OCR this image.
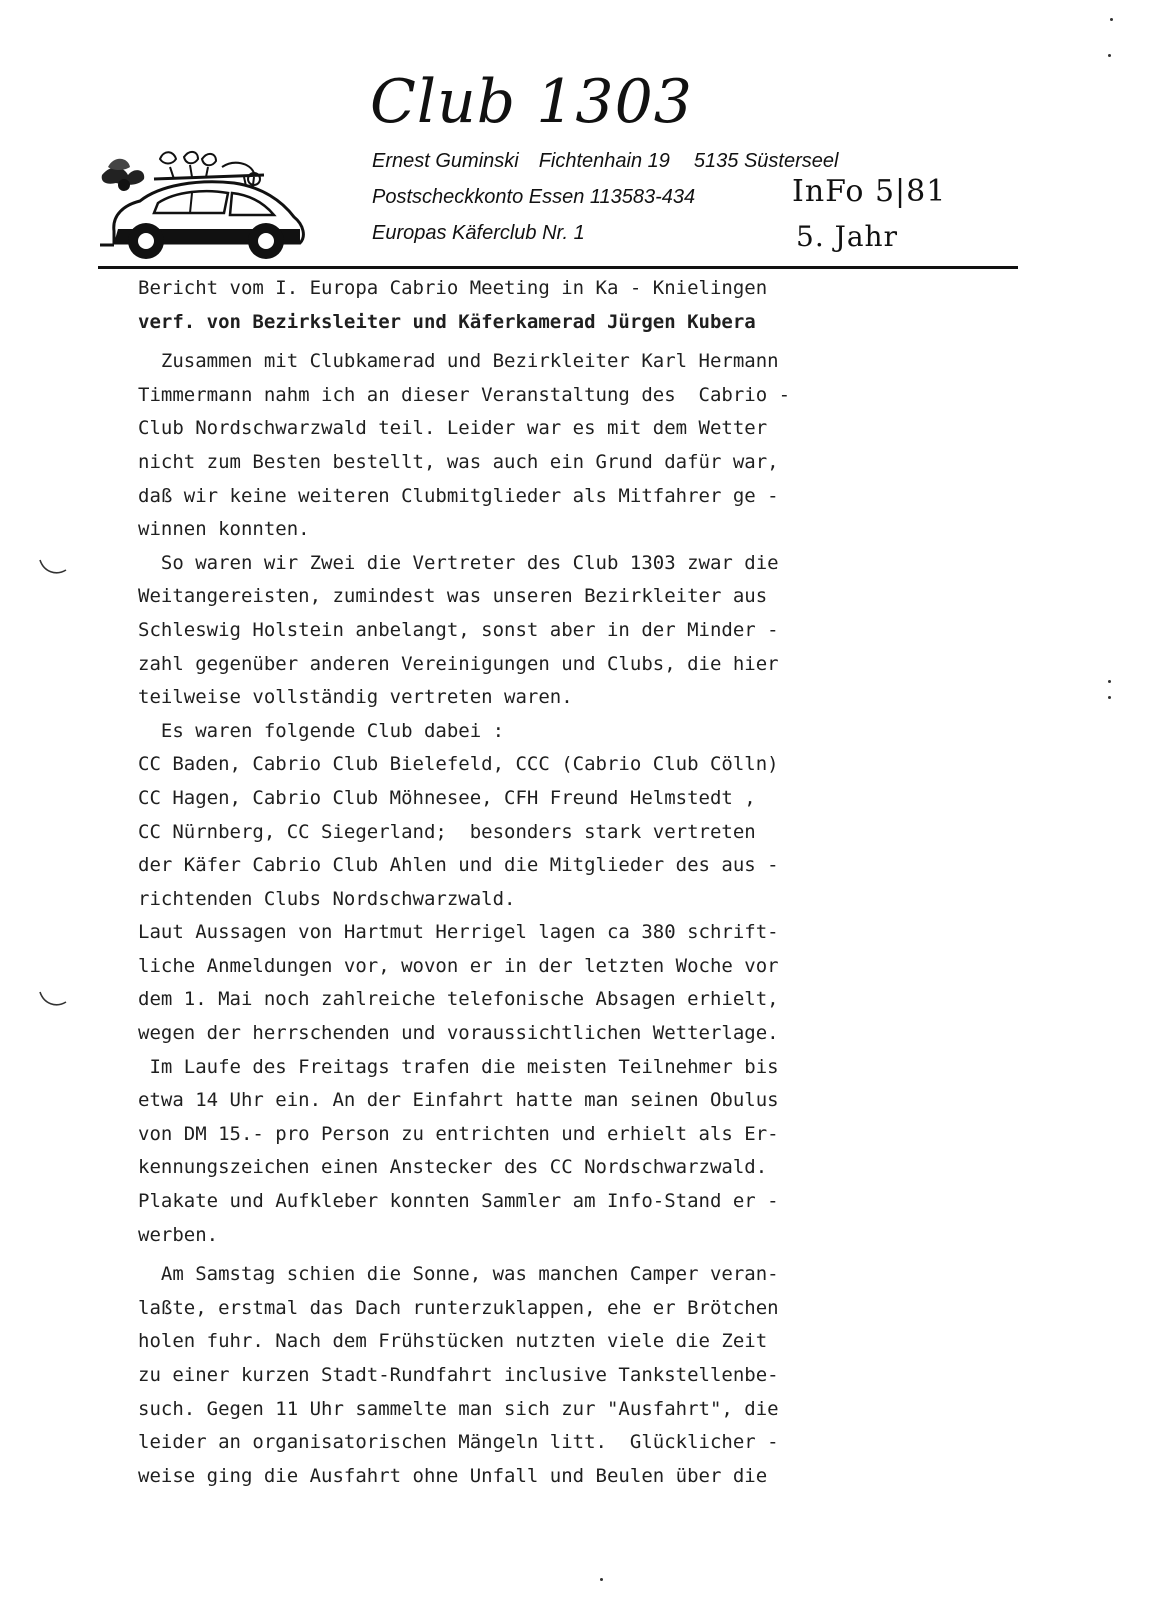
Club 1303
Ernest Guminski Fichtenhain 19 5135 Süsterseel
Postscheckkonto Essen 113583-434
Europas Käferclub Nr. 1
InFo 5|81
5. Jahr
Bericht vom I. Europa Cabrio Meeting in Ka - Knielingen
verf. von Bezirksleiter und Käferkamerad Jürgen Kubera
Zusammen mit Clubkamerad und Bezirkleiter Karl Hermann
Timmermann nahm ich an dieser Veranstaltung des  Cabrio -
Club Nordschwarzwald teil. Leider war es mit dem Wetter
nicht zum Besten bestellt, was auch ein Grund dafür war,
daß wir keine weiteren Clubmitglieder als Mitfahrer ge -
winnen konnten.
So waren wir Zwei die Vertreter des Club 1303 zwar die
Weitangereisten, zumindest was unseren Bezirkleiter aus
Schleswig Holstein anbelangt, sonst aber in der Minder -
zahl gegenüber anderen Vereinigungen und Clubs, die hier
teilweise vollständig vertreten waren.
Es waren folgende Club dabei :
CC Baden, Cabrio Club Bielefeld, CCC (Cabrio Club Cölln)
CC Hagen, Cabrio Club Möhnesee, CFH Freund Helmstedt ,
CC Nürnberg, CC Siegerland;  besonders stark vertreten
der Käfer Cabrio Club Ahlen und die Mitglieder des aus -
richtenden Clubs Nordschwarzwald.
Laut Aussagen von Hartmut Herrigel lagen ca 380 schrift-
liche Anmeldungen vor, wovon er in der letzten Woche vor
dem 1. Mai noch zahlreiche telefonische Absagen erhielt,
wegen der herrschenden und voraussichtlichen Wetterlage.
Im Laufe des Freitags trafen die meisten Teilnehmer bis
etwa 14 Uhr ein. An der Einfahrt hatte man seinen Obulus
von DM 15.- pro Person zu entrichten und erhielt als Er-
kennungszeichen einen Anstecker des CC Nordschwarzwald.
Plakate und Aufkleber konnten Sammler am Info-Stand er -
werben.
Am Samstag schien die Sonne, was manchen Camper veran-
laßte, erstmal das Dach runterzuklappen, ehe er Brötchen
holen fuhr. Nach dem Frühstücken nutzten viele die Zeit
zu einer kurzen Stadt-Rundfahrt inclusive Tankstellenbe-
such. Gegen 11 Uhr sammelte man sich zur "Ausfahrt", die
leider an organisatorischen Mängeln litt.  Glücklicher -
weise ging die Ausfahrt ohne Unfall und Beulen über die
